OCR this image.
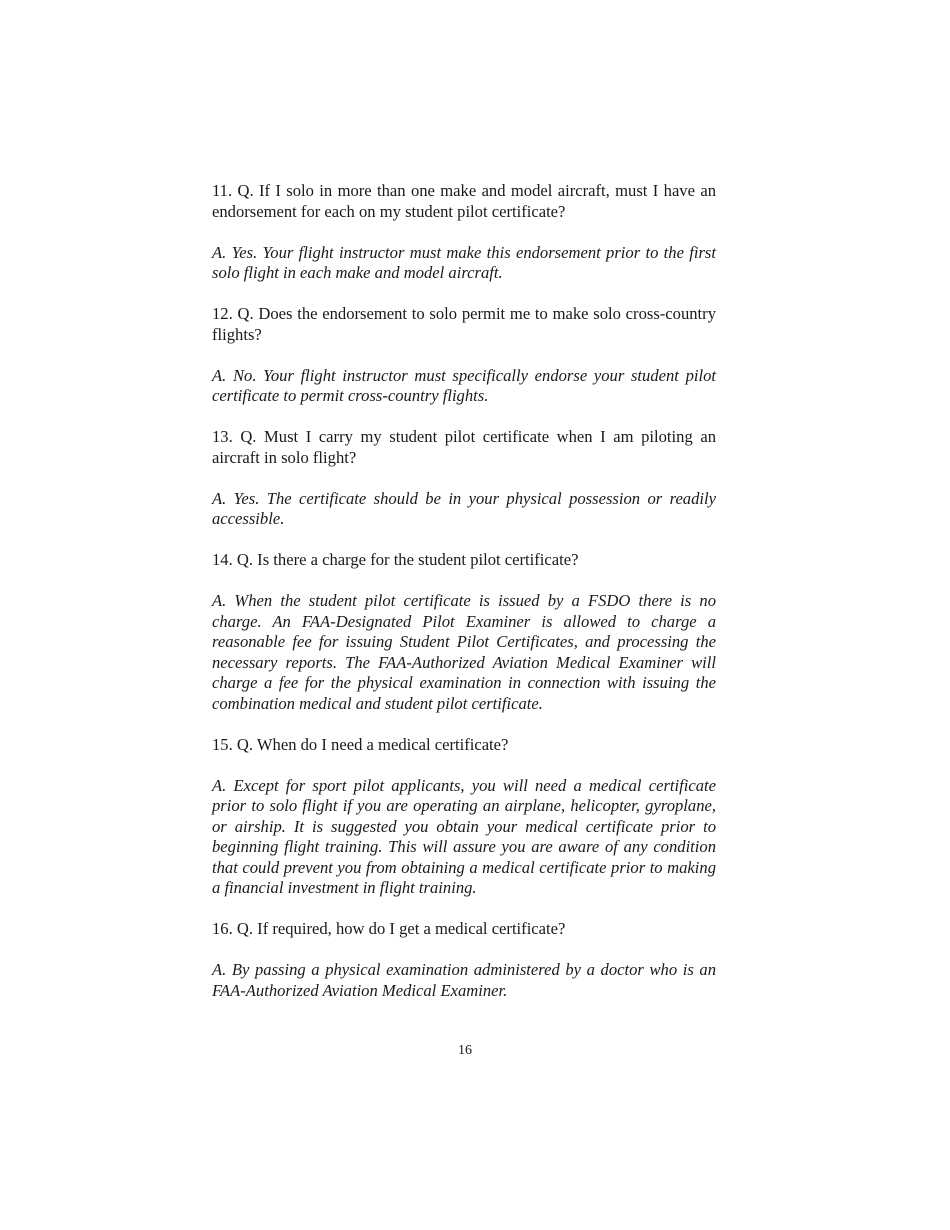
11. Q. If I solo in more than one make and model aircraft, must I have an endorsement for each on my student pilot certificate?

A. Yes. Your flight instructor must make this endorsement prior to the first solo flight in each make and model aircraft.

12. Q. Does the endorsement to solo permit me to make solo cross-country flights?

A. No. Your flight instructor must specifically endorse your student pilot certificate to permit cross-country flights.

13. Q. Must I carry my student pilot certificate when I am piloting an aircraft in solo flight?

A. Yes. The certificate should be in your physical possession or readily accessible.

14. Q. Is there a charge for the student pilot certificate?

A. When the student pilot certificate is issued by a FSDO there is no charge. An FAA-Designated Pilot Examiner is allowed to charge a reasonable fee for issuing Student Pilot Certificates, and processing the necessary reports. The FAA-Authorized Aviation Medical Examiner will charge a fee for the physical examination in connection with issuing the combination medical and student pilot certificate.

15. Q. When do I need a medical certificate?

A. Except for sport pilot applicants, you will need a medical certificate prior to solo flight if you are operating an airplane, helicopter, gyroplane, or airship. It is suggested you obtain your medical certificate prior to beginning flight training. This will assure you are aware of any condition that could prevent you from obtaining a medical certificate prior to making a financial investment in flight training.

16. Q. If required, how do I get a medical certificate?

A. By passing a physical examination administered by a doctor who is an FAA-Authorized Aviation Medical Examiner.

16
